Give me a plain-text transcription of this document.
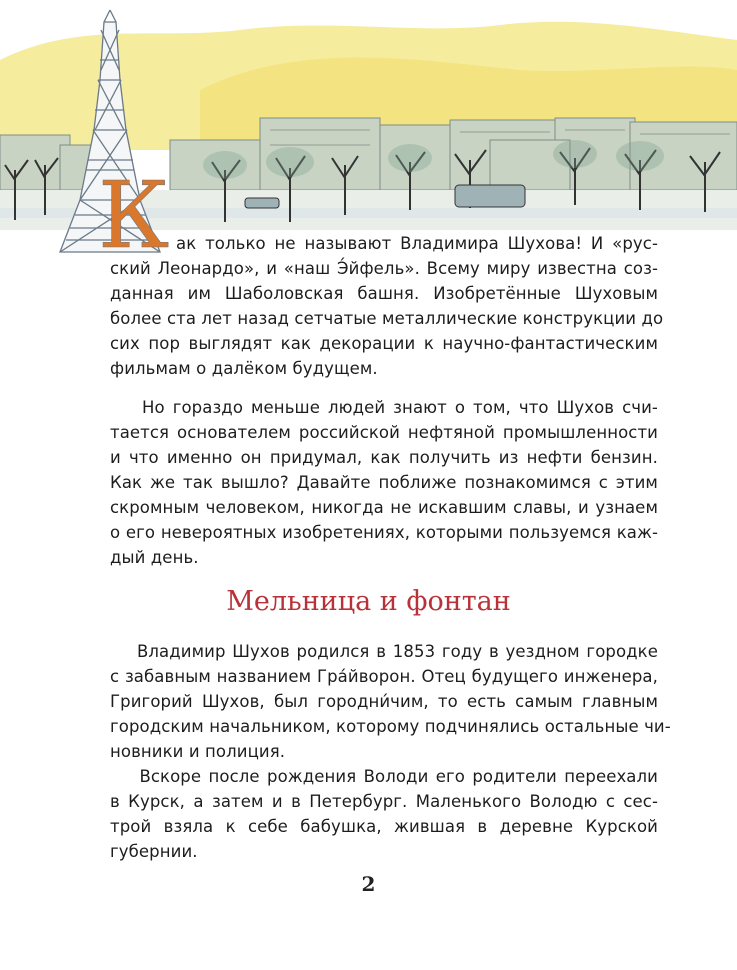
К ак только не называют Владимира Шухова! И «рус-
ский Леонардо», и «наш Э́йфель». Всему миру известна соз-
данная им Шаболовская башня. Изобретённые Шуховым
более ста лет назад сетчатые металлические конструкции до
сих пор выглядят как декорации к научно-фантастическим
фильмам о далёком будущем.
Но гораздо меньше людей знают о том, что Шухов счи-
тается основателем российской нефтяной промышленности
и что именно он придумал, как получить из нефти бензин.
Как же так вышло? Давайте поближе познакомимся с этим
скромным человеком, никогда не искавшим славы, и узнаем
о его невероятных изобретениях, которыми пользуемся каж-
дый день.
Мельница и фонтан
Владимир Шухов родился в 1853 году в уездном городке
с забавным названием Гра́йворон. Отец будущего инженера,
Григорий Шухов, был городни́чим, то есть самым главным
городским начальником, которому подчинялись остальные чи-
новники и полиция.
Вскоре после рождения Володи его родители переехали
в Курск, а затем и в Петербург. Маленького Володю с сес-
трой взяла к себе бабушка, жившая в деревне Курской
губернии.
2
